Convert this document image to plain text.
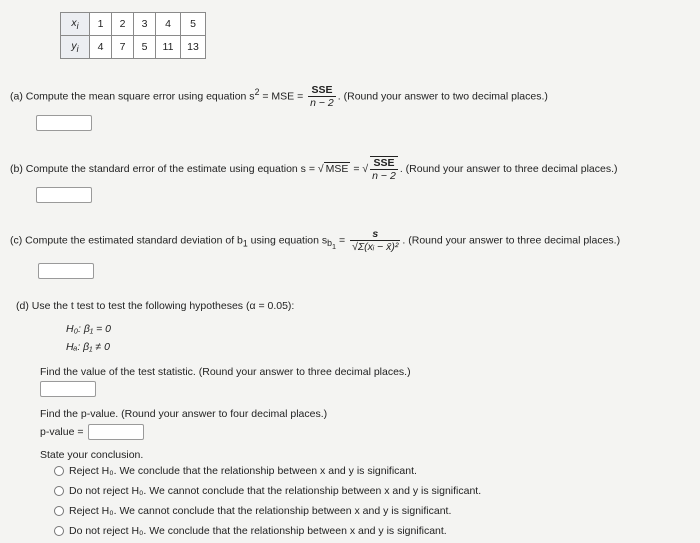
$x_i$	1	2	3	4	5
$y_i$	4	7	5	11	13
(a) Compute the mean square error using equation $s^2$ = MSE = $\frac{\text{SSE}}{n - 2}$ . (Round your answer to two decimal places.)
(b) Compute the standard error of the estimate using equation s = √ MSE = √ $\frac{\text{SSE}}{n - 2}$ . (Round your answer to three decimal places.)
(c) Compute the estimated standard deviation of $b_1$ using equation $s_{b_1} = \frac{s}{\text{√Σ(xᵢ − x̄)²}}$ . (Round your answer to three decimal places.)
(d) Use the t test to test the following hypotheses (α = 0.05):
H₀: β₁ = 0
Hₐ: β₁ ≠ 0
Find the value of the test statistic. (Round your answer to three decimal places.)
Find the p-value. (Round your answer to four decimal places.)
p-value =
State your conclusion.
Reject H₀. We conclude that the relationship between x and y is significant.
Do not reject H₀. We cannot conclude that the relationship between x and y is significant.
Reject H₀. We cannot conclude that the relationship between x and y is significant.
Do not reject H₀. We conclude that the relationship between x and y is significant.
